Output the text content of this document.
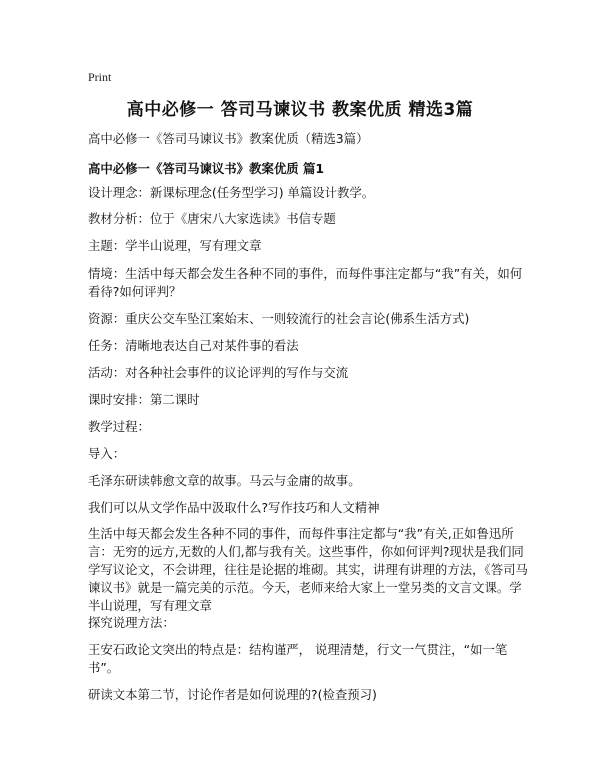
Print
高中必修一 答司马谏议书 教案优质 精选3篇
高中必修一《答司马谏议书》教案优质（精选3篇）
高中必修一《答司马谏议书》教案优质 篇1
设计理念：新课标理念(任务型学习) 单篇设计教学。
教材分析：位于《唐宋八大家选读》书信专题
主题：学半山说理，写有理文章
情境：生活中每天都会发生各种不同的事件，而每件事注定都与“我”有关，如何看待?如何评判？
资源：重庆公交车坠江案始末、一则较流行的社会言论(佛系生活方式)
任务：清晰地表达自己对某件事的看法
活动：对各种社会事件的议论评判的写作与交流
课时安排：第二课时
教学过程：
导入：
毛泽东研读韩愈文章的故事。马云与金庸的故事。
我们可以从文学作品中汲取什么?写作技巧和人文精神
生活中每天都会发生各种不同的事件，而每件事注定都与“我”有关,正如鲁迅所言：无穷的远方,无数的人们,都与我有关。这些事件，你如何评判?现状是我们同学写议论文，不会讲理，往往是论据的堆砌。其实，讲理有讲理的方法，《答司马谏议书》就是一篇完美的示范。今天，老师来给大家上一堂另类的文言文课。学半山说理，写有理文章
探究说理方法：
王安石政论文突出的特点是：结构谨严， 说理清楚，行文一气贯注，“如一笔书”。
研读文本第二节，讨论作者是如何说理的?(检查预习)
